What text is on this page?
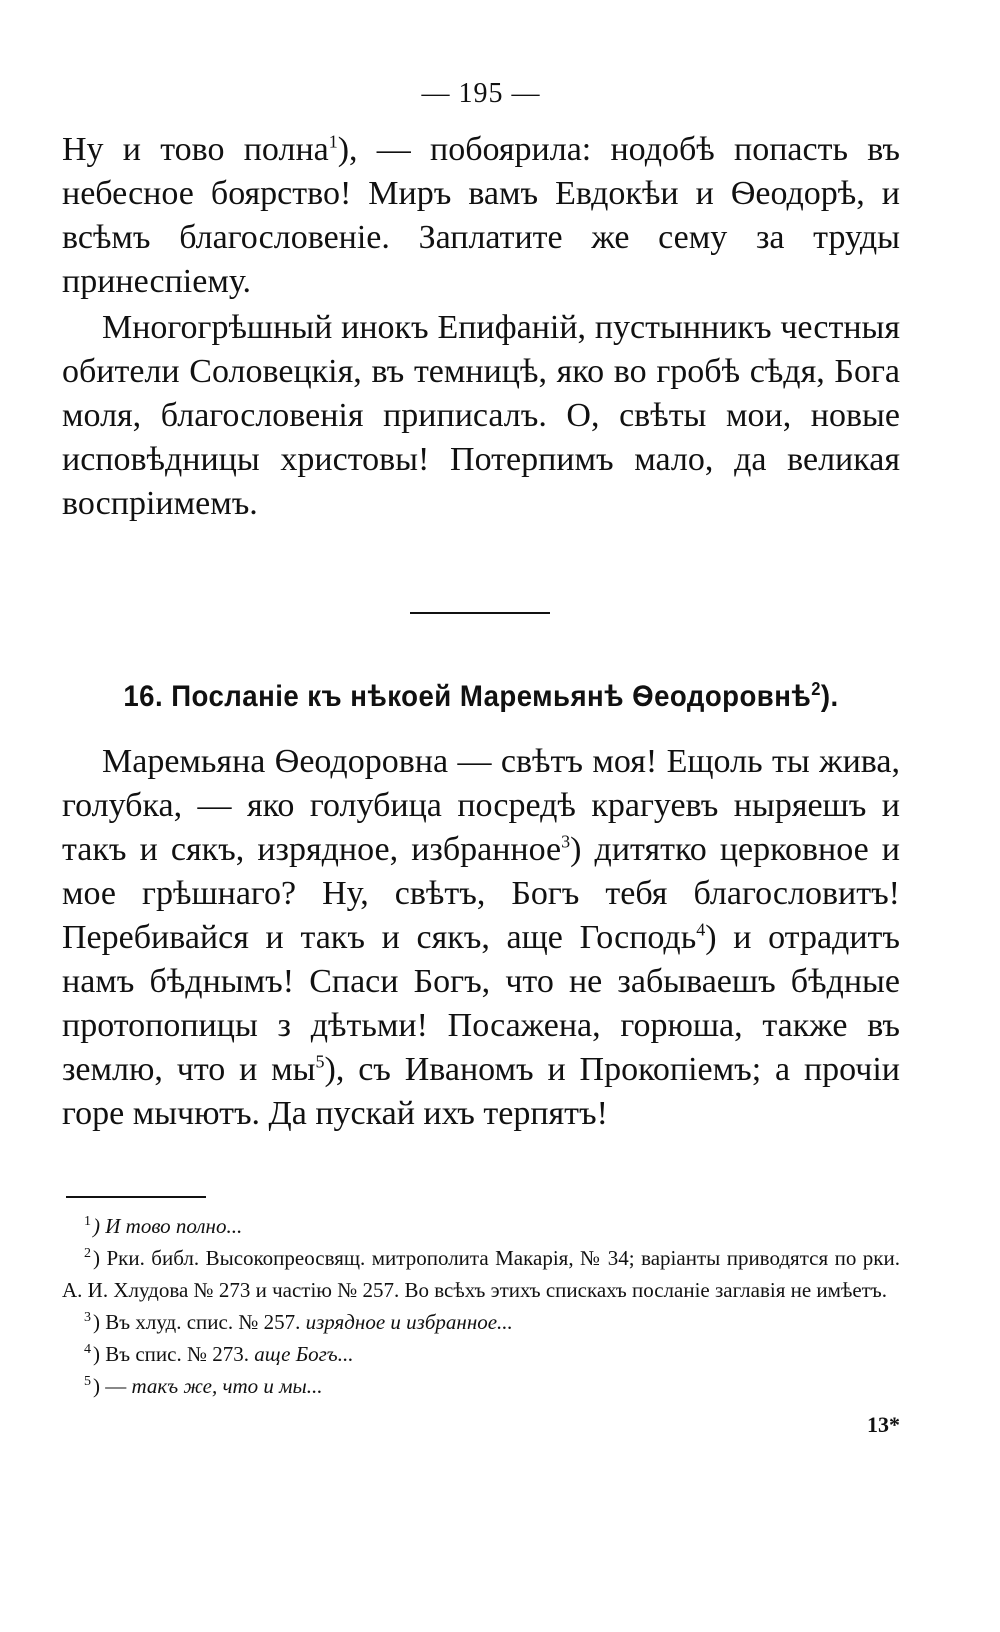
— 195 —

Ну и тово полна$^1$), — побоярила: нодобѣ попасть въ небесное боярство! Миръ вамъ Евдокѣи и Ѳеодорѣ, и всѣмъ благословеніе. Заплатите же сему за труды принеспіему.

Многогрѣшный инокъ Епифаній, пустынникъ честныя обители Соловецкія, въ темницѣ, яко во гробѣ сѣдя, Бога моля, благословенія приписалъ. О, свѣты мои, новые исповѣдницы христовы! Потерпимъ мало, да великая воспріимемъ.

16. Посланіе къ нѣкоей Маремьянѣ Ѳеодоровнѣ$^2$).

Маремьяна Ѳеодоровна — свѣтъ моя! Ещоль ты жива, голубка, — яко голубица посредѣ крагуевъ ныряешъ и такъ и сякъ, изрядное, избранное$^3$) дитятко церковное и мое грѣшнаго? Ну, свѣтъ, Богъ тебя благословитъ! Перебивайся и такъ и сякъ, аще Господь$^4$) и отрадитъ намъ бѣднымъ! Спаси Богъ, что не забываешъ бѣдные протопопицы з дѣтьми! Посажена, горюша, также въ землю, что и $мы^5$), съ Иваномъ и Прокопіемъ; а прочіи горе мычютъ. Да пускай ихъ терпятъ!

$^1$) И тово полно...
$^2$) Рки. библ. Высокопреосвящ. митрополита Макарія, № 34; варіанты приводятся по рки. А. И. Хлудова № 273 и частію № 257. Во всѣхъ этихъ спискахъ посланіе заглавія не имѣетъ.
$^3$) Въ хлуд. спис. № 257. изрядное и избранное...
$^4$) Въ спис. № 273. аще Богъ...
$^5$) — такъ же, что и мы...
13*
